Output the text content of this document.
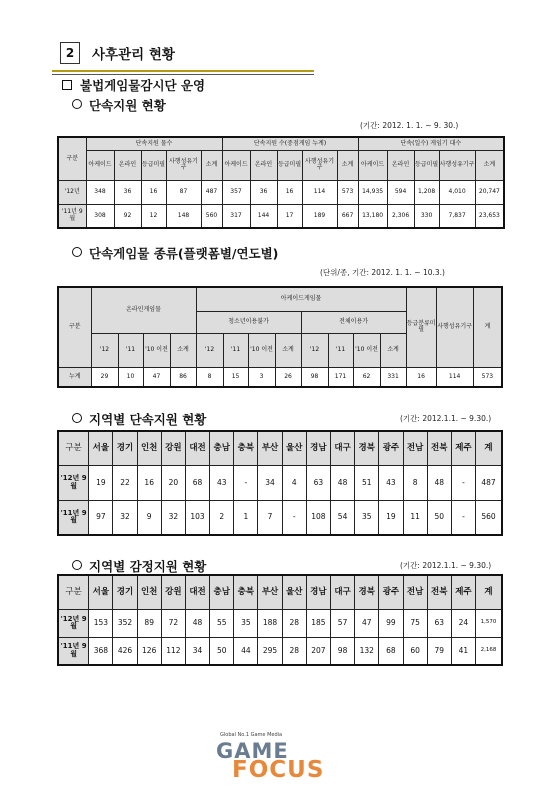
2	사후관리 현황
불법게임물감시단 운영
단속지원 현황
(기간: 2012. 1. 1. ~ 9. 30.)
구분	단속지원 물수					단속지원 수(중점게임 누계)					단속(일수) 게임기 대수				
	아케이드	온라인	등급미필	사행성유기구	소계	아케이드	온라인	등급미필	사행성유기구	소계	아케이드	온라인	등급미필	사행성유기구	소계
'12년	348	36	16	87	487	357	36	16	114	573	14,935	594	1,208	4,010	20,747
'11년 9월	308	92	12	148	560	317	144	17	189	667	13,180	2,306	330	7,837	23,653
단속게임물 종류(플랫폼별/연도별)
(단위/종, 기간: 2012. 1. 1. ~ 10.3.)
구분	온라인게임물				아케이드게임물								등급분류미필	사행성유기구	계
					청소년이용불가				전체이용가						
	'12	'11	'10 이전	소계	'12	'11	'10 이전	소계	'12	'11	'10 이전	소계			
누계	29	10	47	86	8	15	3	26	98	171	62	331	16	114	573
지역별 단속지원 현황	(기간: 2012.1.1. ~ 9.30.)
구분	서울	경기	인천	강원	대전	충남	충북	부산	울산	경남	대구	경북	광주	전남	전북	제주	계
'12년 9월	19	22	16	20	68	43	-	34	4	63	48	51	43	8	48	-	487
'11년 9월	97	32	9	32	103	2	1	7	-	108	54	35	19	11	50	-	560
지역별 감정지원 현황	(기간: 2012.1.1. ~ 9.30.)
구분	서울	경기	인천	강원	대전	충남	충북	부산	울산	경남	대구	경북	광주	전남	전북	제주	계
'12년 9월	153	352	89	72	48	55	35	188	28	185	57	47	99	75	63	24	1,570
'11년 9월	368	426	126	112	34	50	44	295	28	207	98	132	68	60	79	41	2,168
Global No.1 Game Media
GAME
FOCUS
